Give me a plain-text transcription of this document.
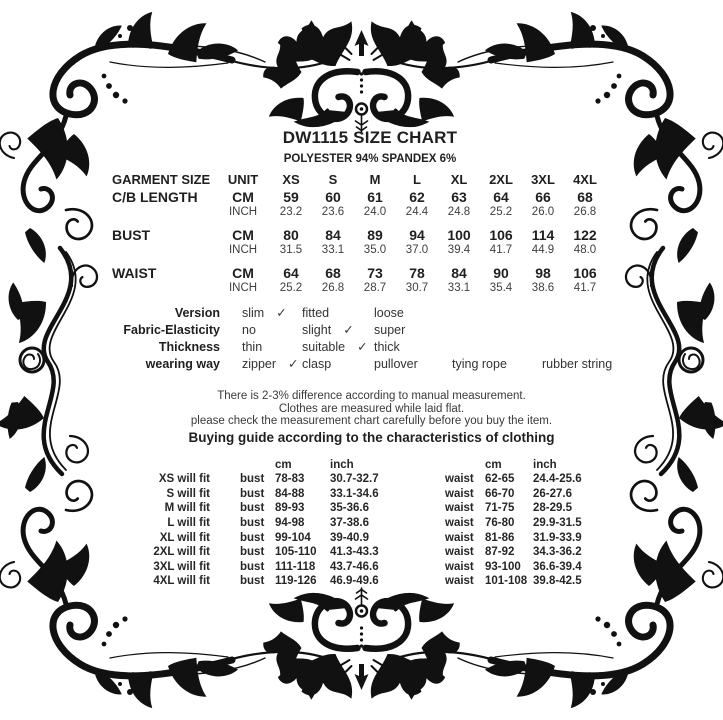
DW1115 SIZE CHART
POLYESTER 94% SPANDEX 6%
GARMENT SIZE	UNIT	XS	S	M	L	XL	2XL	3XL	4XL
C/B LENGTH	CM	59	60	61	62	63	64	66	68
INCH	23.2	23.6	24.0	24.4	24.8	25.2	26.0	26.8
BUST	CM	80	84	89	94	100	106	114	122
INCH	31.5	33.1	35.0	37.0	39.4	41.7	44.9	48.0
WAIST	CM	64	68	73	78	84	90	98	106
INCH	25.2	26.8	28.7	30.7	33.1	35.4	38.6	41.7
Version	slim ✓	fitted	loose
Fabric-Elasticity	no	slight ✓	super
Thickness	thin	suitable ✓ thick
wearing way	zipper ✓ clasp	pullover	tying rope	rubber string
There is 2-3% difference according to manual measurement.
Clothes are measured while laid flat.
please check the measurement chart carefully before you buy the item.
Buying guide according to the characteristics of clothing
cm	inch	cm	inch
XS will fit	bust 78-83	30.7-32.7	waist 62-65	24.4-25.6
S will fit	bust 84-88	33.1-34.6	waist 66-70	26-27.6
M will fit	bust 89-93	35-36.6	waist 71-75	28-29.5
L will fit	bust 94-98	37-38.6	waist 76-80	29.9-31.5
XL will fit	bust 99-104	39-40.9	waist 81-86	31.9-33.9
2XL will fit	bust 105-110	41.3-43.3	waist 87-92	34.3-36.2
3XL will fit	bust 111-118	43.7-46.6	waist 93-100	36.6-39.4
4XL will fit	bust 119-126	46.9-49.6	waist 101-108 39.8-42.5
